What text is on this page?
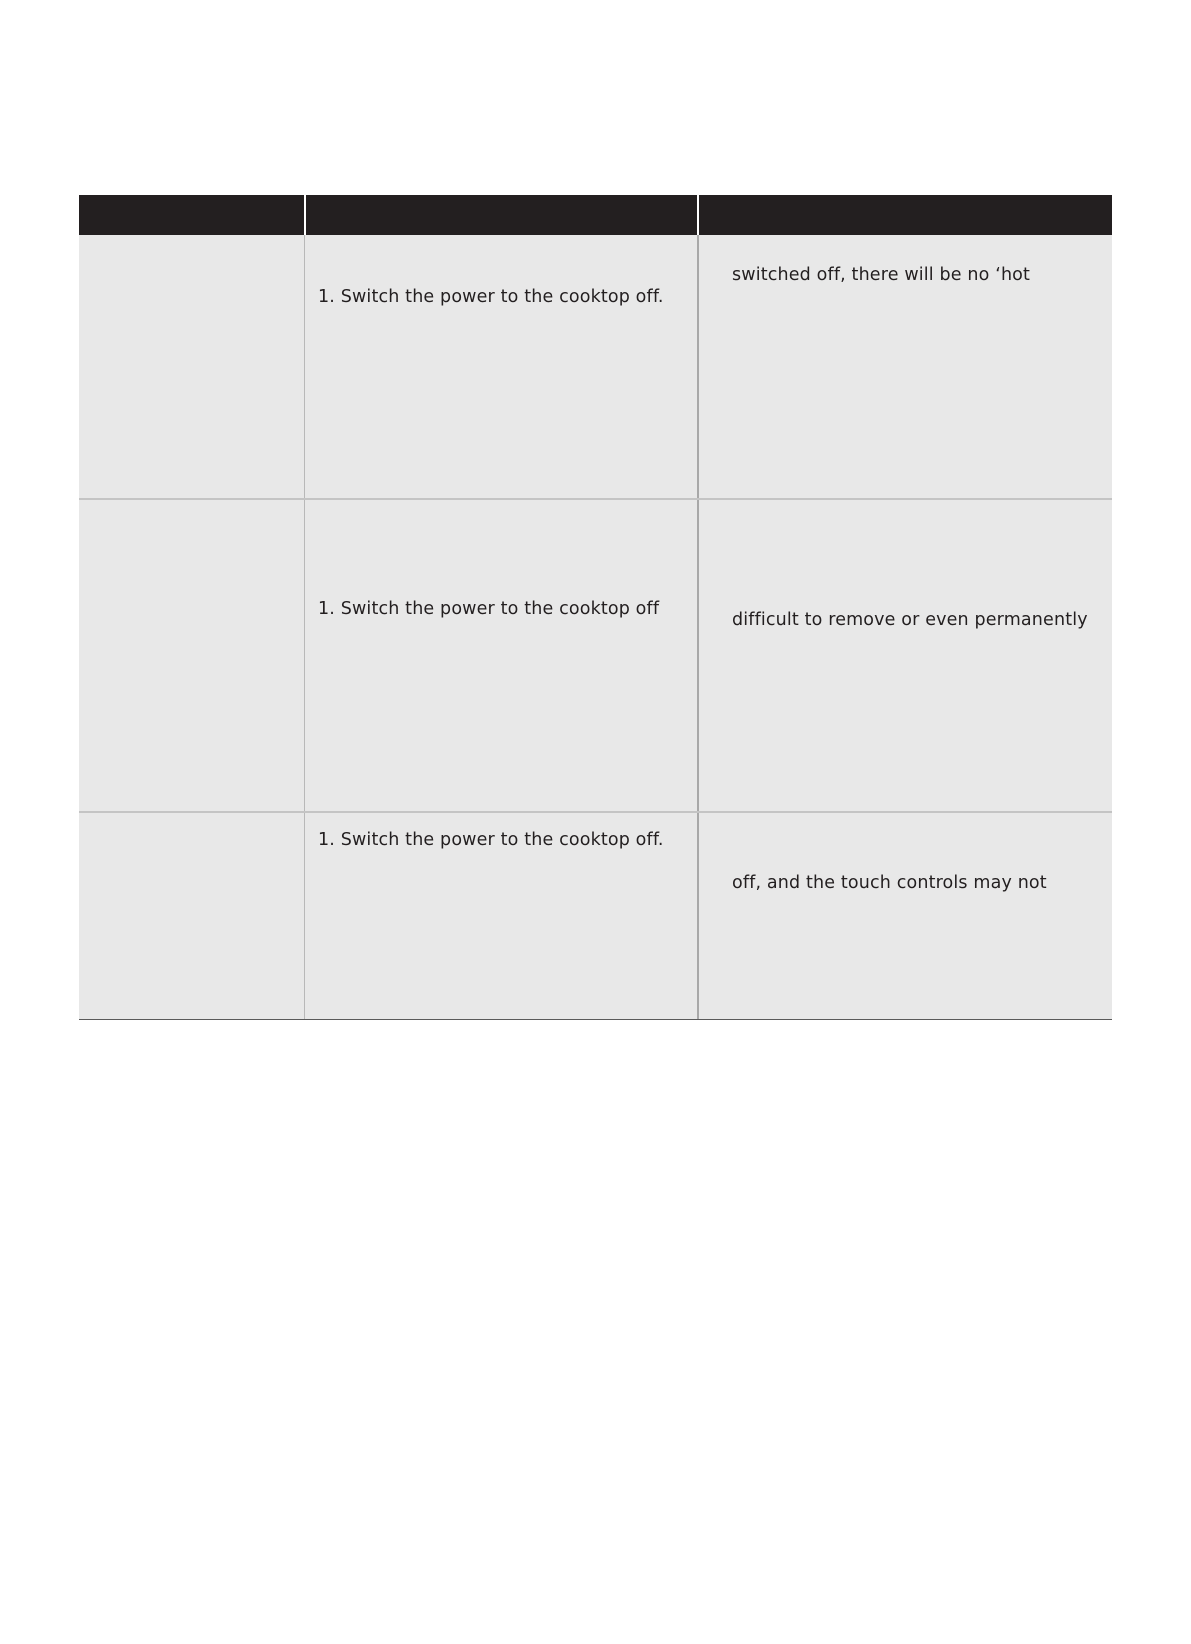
1. Switch the power to the cooktop off.
switched off, there will be no ‘hot
1. Switch the power to the cooktop off
difficult to remove or even permanently
1. Switch the power to the cooktop off.
off, and the touch controls may not
